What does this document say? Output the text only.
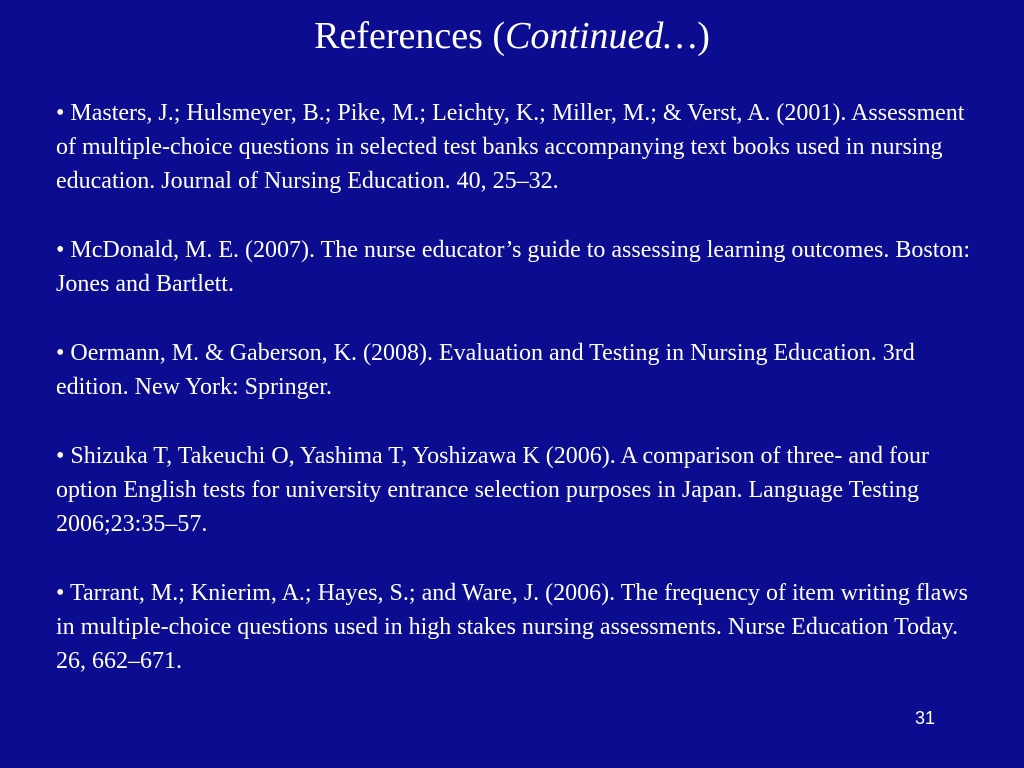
References (Continued…)
• Masters, J.; Hulsmeyer, B.; Pike, M.; Leichty, K.; Miller, M.; & Verst, A. (2001). Assessment of multiple-choice questions in selected test banks accompanying text books used in nursing education. Journal of Nursing Education. 40, 25–32.
• McDonald, M. E. (2007). The nurse educator’s guide to assessing learning outcomes. Boston: Jones and Bartlett.
• Oermann, M. & Gaberson, K. (2008). Evaluation and Testing in Nursing Education. 3rd edition. New York: Springer.
• Shizuka T, Takeuchi O, Yashima T, Yoshizawa K (2006). A comparison of three- and four option English tests for university entrance selection purposes in Japan. Language Testing 2006;23:35–57.
• Tarrant, M.; Knierim, A.; Hayes, S.; and Ware, J. (2006). The frequency of item writing flaws in multiple-choice questions used in high stakes nursing assessments. Nurse Education Today. 26, 662–671.
31
